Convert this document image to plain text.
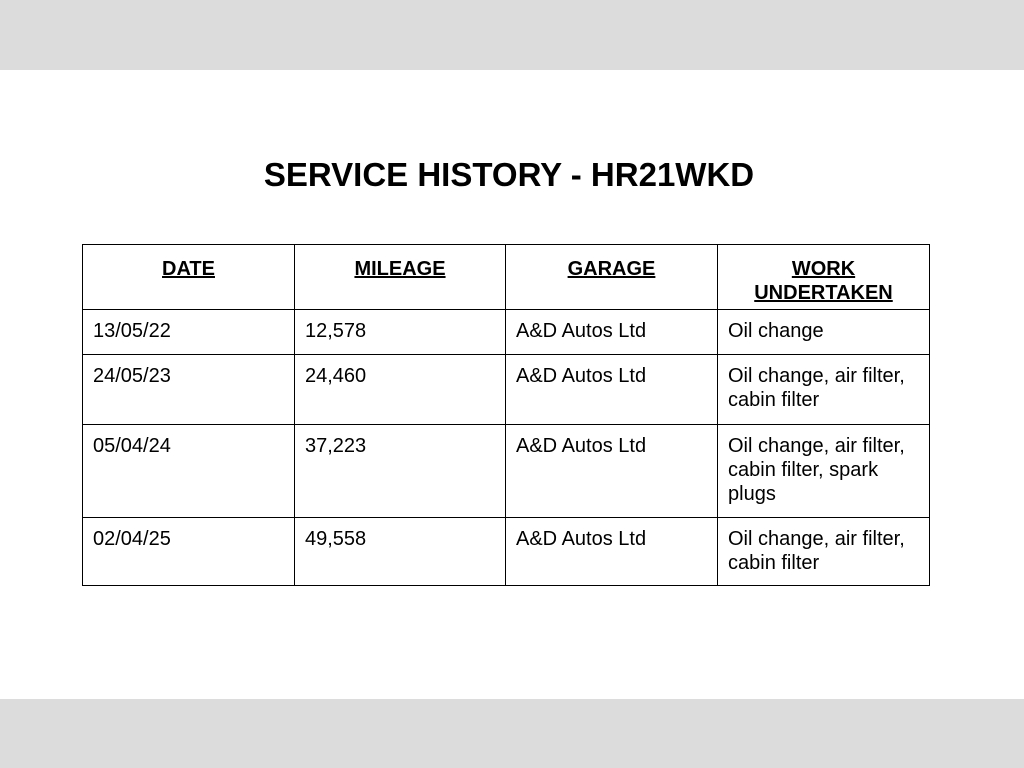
SERVICE HISTORY - HR21WKD
DATE	MILEAGE	GARAGE	WORK UNDERTAKEN
13/05/22	12,578	A&D Autos Ltd	Oil change
24/05/23	24,460	A&D Autos Ltd	Oil change, air filter, cabin filter
05/04/24	37,223	A&D Autos Ltd	Oil change, air filter, cabin filter, spark plugs
02/04/25	49,558	A&D Autos Ltd	Oil change, air filter, cabin filter
